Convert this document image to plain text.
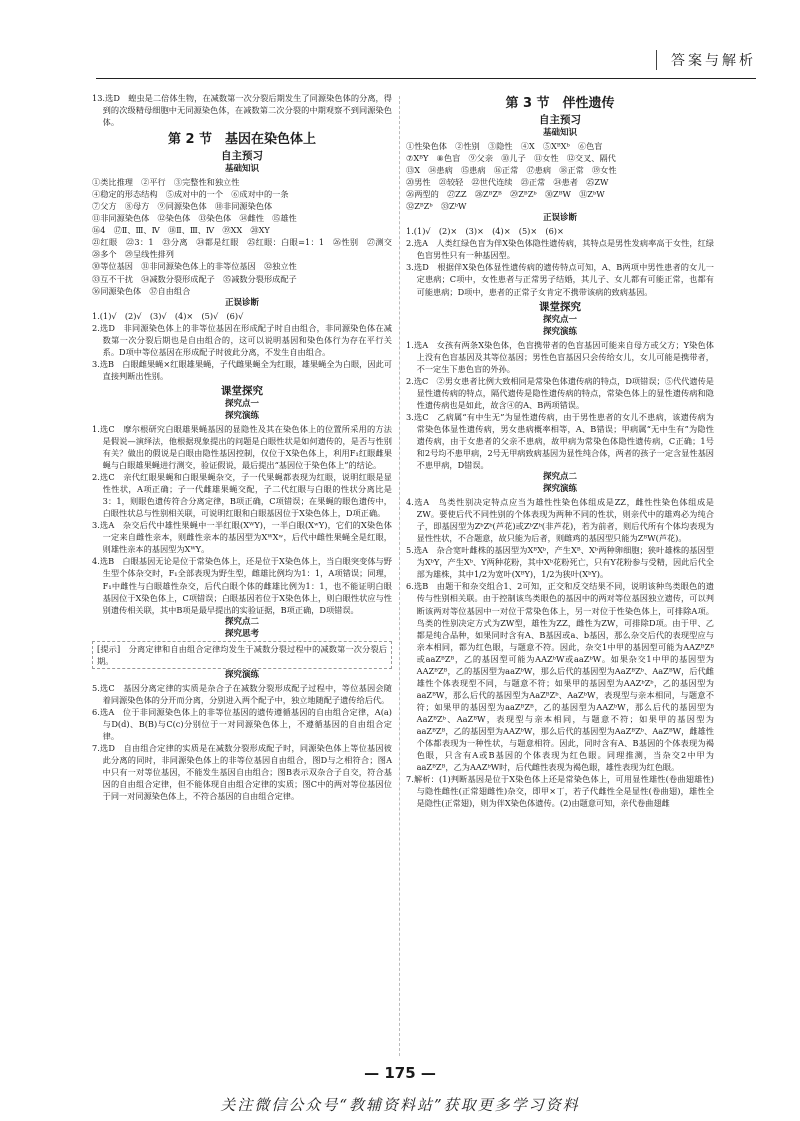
答案与解析

13.选D　蝗虫是二倍体生物，在减数第一次分裂后期发生了同源染色体的分离，得到的次级精母细胞中无同源染色体，在减数第二次分裂的中期观察不到同源染色体。

第 2 节　基因在染色体上
自主预习
基础知识

①类比推理　②平行　③完整性和独立性

④稳定的形态结构　⑤成对中的一个　⑥成对中的一条

⑦父方　⑧母方　⑨同源染色体　⑩非同源染色体

⑪非同源染色体　⑫染色体　⑬染色体　⑭雌性　⑮雄性

⑯4　⑰Ⅱ、Ⅲ、Ⅳ　⑱Ⅱ、Ⅲ、Ⅳ　⑲XX　⑳XY

㉑红眼　㉒3：1　㉓分离　㉔都是红眼　㉕红眼：白眼=1：1　㉖性别　㉗测交　㉘多个　㉙呈线性排列

㉚等位基因　㉛非同源染色体上的非等位基因　㉜独立性

㉝互不干扰　㉞减数分裂形成配子　㉟减数分裂形成配子

㊱同源染色体　㊲自由组合

正误诊断

1.(1)√　(2)√　(3)√　(4)×　(5)√　(6)√

2.选D　非同源染色体上的非等位基因在形成配子时自由组合，非同源染色体在减数第一次分裂后期也是自由组合的，这可以说明基因和染色体行为存在平行关系。D项中等位基因在形成配子时彼此分离，不发生自由组合。

3.选B　白眼雌果蝇×红眼雄果蝇，子代雌果蝇全为红眼，雄果蝇全为白眼，因此可直接判断出性别。

课堂探究
探究点一
探究演练

1.选C　摩尔根研究白眼雄果蝇基因的显隐性及其在染色体上的位置所采用的方法是假说—演绎法，他根据现象提出的问题是白眼性状是如何遗传的，是否与性别有关？做出的假说是白眼由隐性基因控制，仅位于X染色体上，利用F₁红眼雌果蝇与白眼雄果蝇进行测交，验证假说，最后提出“基因位于染色体上”的结论。

2.选C　亲代红眼果蝇和白眼果蝇杂交，子一代果蝇都表现为红眼，说明红眼是显性性状，A项正确；子一代雌雄果蝇交配，子二代红眼与白眼的性状分离比是3：1，则眼色遗传符合分离定律，B项正确，C项错误；在果蝇的眼色遗传中，白眼性状总与性别相关联，可说明红眼和白眼基因位于X染色体上，D项正确。

3.选A　杂交后代中雄性果蝇中一半红眼(XᵂY)，一半白眼(XʷY)，它们的X染色体一定来自雌性亲本，则雌性亲本的基因型为XᵂXʷ，后代中雌性果蝇全是红眼，则雄性亲本的基因型为XᵂY。

4.选B　白眼基因无论是位于常染色体上，还是位于X染色体上，当白眼突变体与野生型个体杂交时，F₁全部表现为野生型，雌雄比例均为1：1，A项错误；同理，F₁中雌性与白眼雄性杂交，后代白眼个体的雌雄比例为1：1，也不能证明白眼基因位于X染色体上，C项错误；白眼基因若位于X染色体上，则白眼性状应与性别遗传相关联，其中B项是最早提出的实验证据，B项正确，D项错误。

探究点二
探究思考

[提示]　分离定律和自由组合定律均发生于减数分裂过程中的减数第一次分裂后期。

探究演练

5.选C　基因分离定律的实质是杂合子在减数分裂形成配子过程中，等位基因会随着同源染色体的分开而分离，分别进入两个配子中，独立地随配子遗传给后代。

6.选A　位于非同源染色体上的非等位基因的遗传遵循基因的自由组合定律，A(a)与D(d)、B(B)与C(c)分别位于一对同源染色体上，不遵循基因的自由组合定律。

7.选D　自由组合定律的实质是在减数分裂形成配子时，同源染色体上等位基因彼此分离的同时，非同源染色体上的非等位基因自由组合，图D与之相符合；图A中只有一对等位基因，不能发生基因自由组合；图B表示双杂合子自交，符合基因的自由组合定律，但不能体现自由组合定律的实质；图C中的两对等位基因位于同一对同源染色体上，不符合基因的自由组合定律。

第 3 节　伴性遗传
自主预习
基础知识

①性染色体　②性别　③隐性　④X　⑤XᴮXᵇ　⑥色盲

⑦XᴮY　⑧色盲　⑨父亲　⑩儿子　⑪女性　⑫交叉、隔代

⑬X　⑭患病　⑮患病　⑯正常　⑰患病　⑱正常　⑲女性

⑳男性　㉑较轻　㉒世代连续　㉓正常　㉔患者　㉕ZW

㉖两型的　㉗ZZ　㉘ZᴮZᴮ　㉙ZᴮZᵇ　㉚ZᴮW　㉛ZᵇW

㉜ZᴮZᵇ　㉝ZᵇW

正误诊断

1.(1)√　(2)×　(3)×　(4)×　(5)×　(6)×

2.选A　人类红绿色盲为伴X染色体隐性遗传病，其特点是男性发病率高于女性，红绿色盲男性只有一种基因型。

3.选D　根据伴X染色体显性遗传病的遗传特点可知，A、B两项中男性患者的女儿一定患病；C项中，女性患者与正常男子结婚，其儿子、女儿都有可能正常，也都有可能患病；D项中，患者的正常子女肯定不携带该病的致病基因。

课堂探究
探究点一
探究演练

1.选A　女孩有两条X染色体，色盲携带者的色盲基因可能来自母方或父方；Y染色体上没有色盲基因及其等位基因；男性色盲基因只会传给女儿，女儿可能是携带者，不一定生下患色盲的外孙。

2.选C　②男女患者比例大致相同是常染色体遗传病的特点，D项错误；⑤代代遗传是显性遗传病的特点，隔代遗传是隐性遗传病的特点，常染色体上的显性遗传病和隐性遗传病也是如此，故含④的A、B两项错误。

3.选C　乙病属“有中生无”为显性遗传病，由于男性患者的女儿不患病，该遗传病为常染色体显性遗传病，男女患病概率相等，A、B错误；甲病属“无中生有”为隐性遗传病，由于女患者的父亲不患病，故甲病为常染色体隐性遗传病，C正确；1号和2号均不患甲病，2号无甲病致病基因为显性纯合体，两者的孩子一定含显性基因不患甲病，D错误。

探究点二
探究演练

4.选A　鸟类性别决定特点应当为雄性性染色体组成是ZZ，雌性性染色体组成是ZW。要使后代不同性别的个体表现为两种不同的性状，则亲代中的雄鸡必为纯合子，即基因型为ZᵇZᵇ(芦花)或ZᵇZᵇ(非芦花)，若为前者，则后代所有个体均表现为显性性状，不合题意，故只能为后者，则雌鸡的基因型只能为ZᴮW(芦花)。

5.选A　杂合宽叶雌株的基因型为XᴮXᵇ，产生Xᴮ、Xᵇ两种卵细胞；狭叶雄株的基因型为XᵇY，产生Xᵇ、Y两种花粉，其中Xᵇ花粉死亡，只有Y花粉参与受精，因此后代全部为雄株，其中1/2为宽叶(XᴮY)，1/2为狭叶(XᵇY)。

6.选B　由题干和杂交组合1、2可知，正交和反交结果不同，说明该种鸟类眼色的遗传与性别相关联。由于控制该鸟类眼色的基因中的两对等位基因独立遗传，可以判断该两对等位基因中一对位于常染色体上，另一对位于性染色体上，可排除A项。鸟类的性别决定方式为ZW型，雄性为ZZ，雌性为ZW，可排除D项。由于甲、乙都是纯合品种，如果同时含有A、B基因或a、b基因，那么杂交后代的表现型应与亲本相同，都为红色眼，与题意不符。因此，杂交1中甲的基因型可能为AAZᴮZᴮ或aaZᴮZᴮ，乙的基因型可能为AAZᵇW或aaZᵇW。如果杂交1中甲的基因型为AAZᴮZᴮ，乙的基因型为aaZᵇW，那么后代的基因型为AaZᴮZᵇ、AaZᴮW，后代雌雄性个体表现型不同，与题意不符；如果甲的基因型为AAZᵇZᵇ，乙的基因型为aaZᴮW，那么后代的基因型为AaZᴮZᵇ、AaZᵇW，表现型与亲本相同，与题意不符；如果甲的基因型为aaZᴮZᴮ，乙的基因型为AAZᵇW，那么后代的基因型为AaZᴮZᵇ、AaZᴮW，表现型与亲本相同，与题意不符；如果甲的基因型为aaZᴮZᴮ，乙的基因型为AAZᵇW，那么后代的基因型为AaZᴮZᵇ、AaZᴮW，雌雄性个体都表现为一种性状，与题意相符。因此，同时含有A、B基因的个体表现为褐色眼，只含有A或B基因的个体表现为红色眼。同理推测，当杂交2中甲为aaZᴮZᴮ，乙为AAZᵇW时，后代雌性表现为褐色眼，雄性表现为红色眼。

7.解析：(1)判断基因是位于X染色体上还是常染色体上，可用显性雄性(卷曲翅雄性)与隐性雌性(正常翅雌性)杂交，即甲×丁，若子代雌性全是显性(卷曲翅)，雄性全是隐性(正常翅)，则为伴X染色体遗传。(2)由题意可知，亲代卷曲翅雌

— 175 —
关注微信公众号“教辅资料站”获取更多学习资料
